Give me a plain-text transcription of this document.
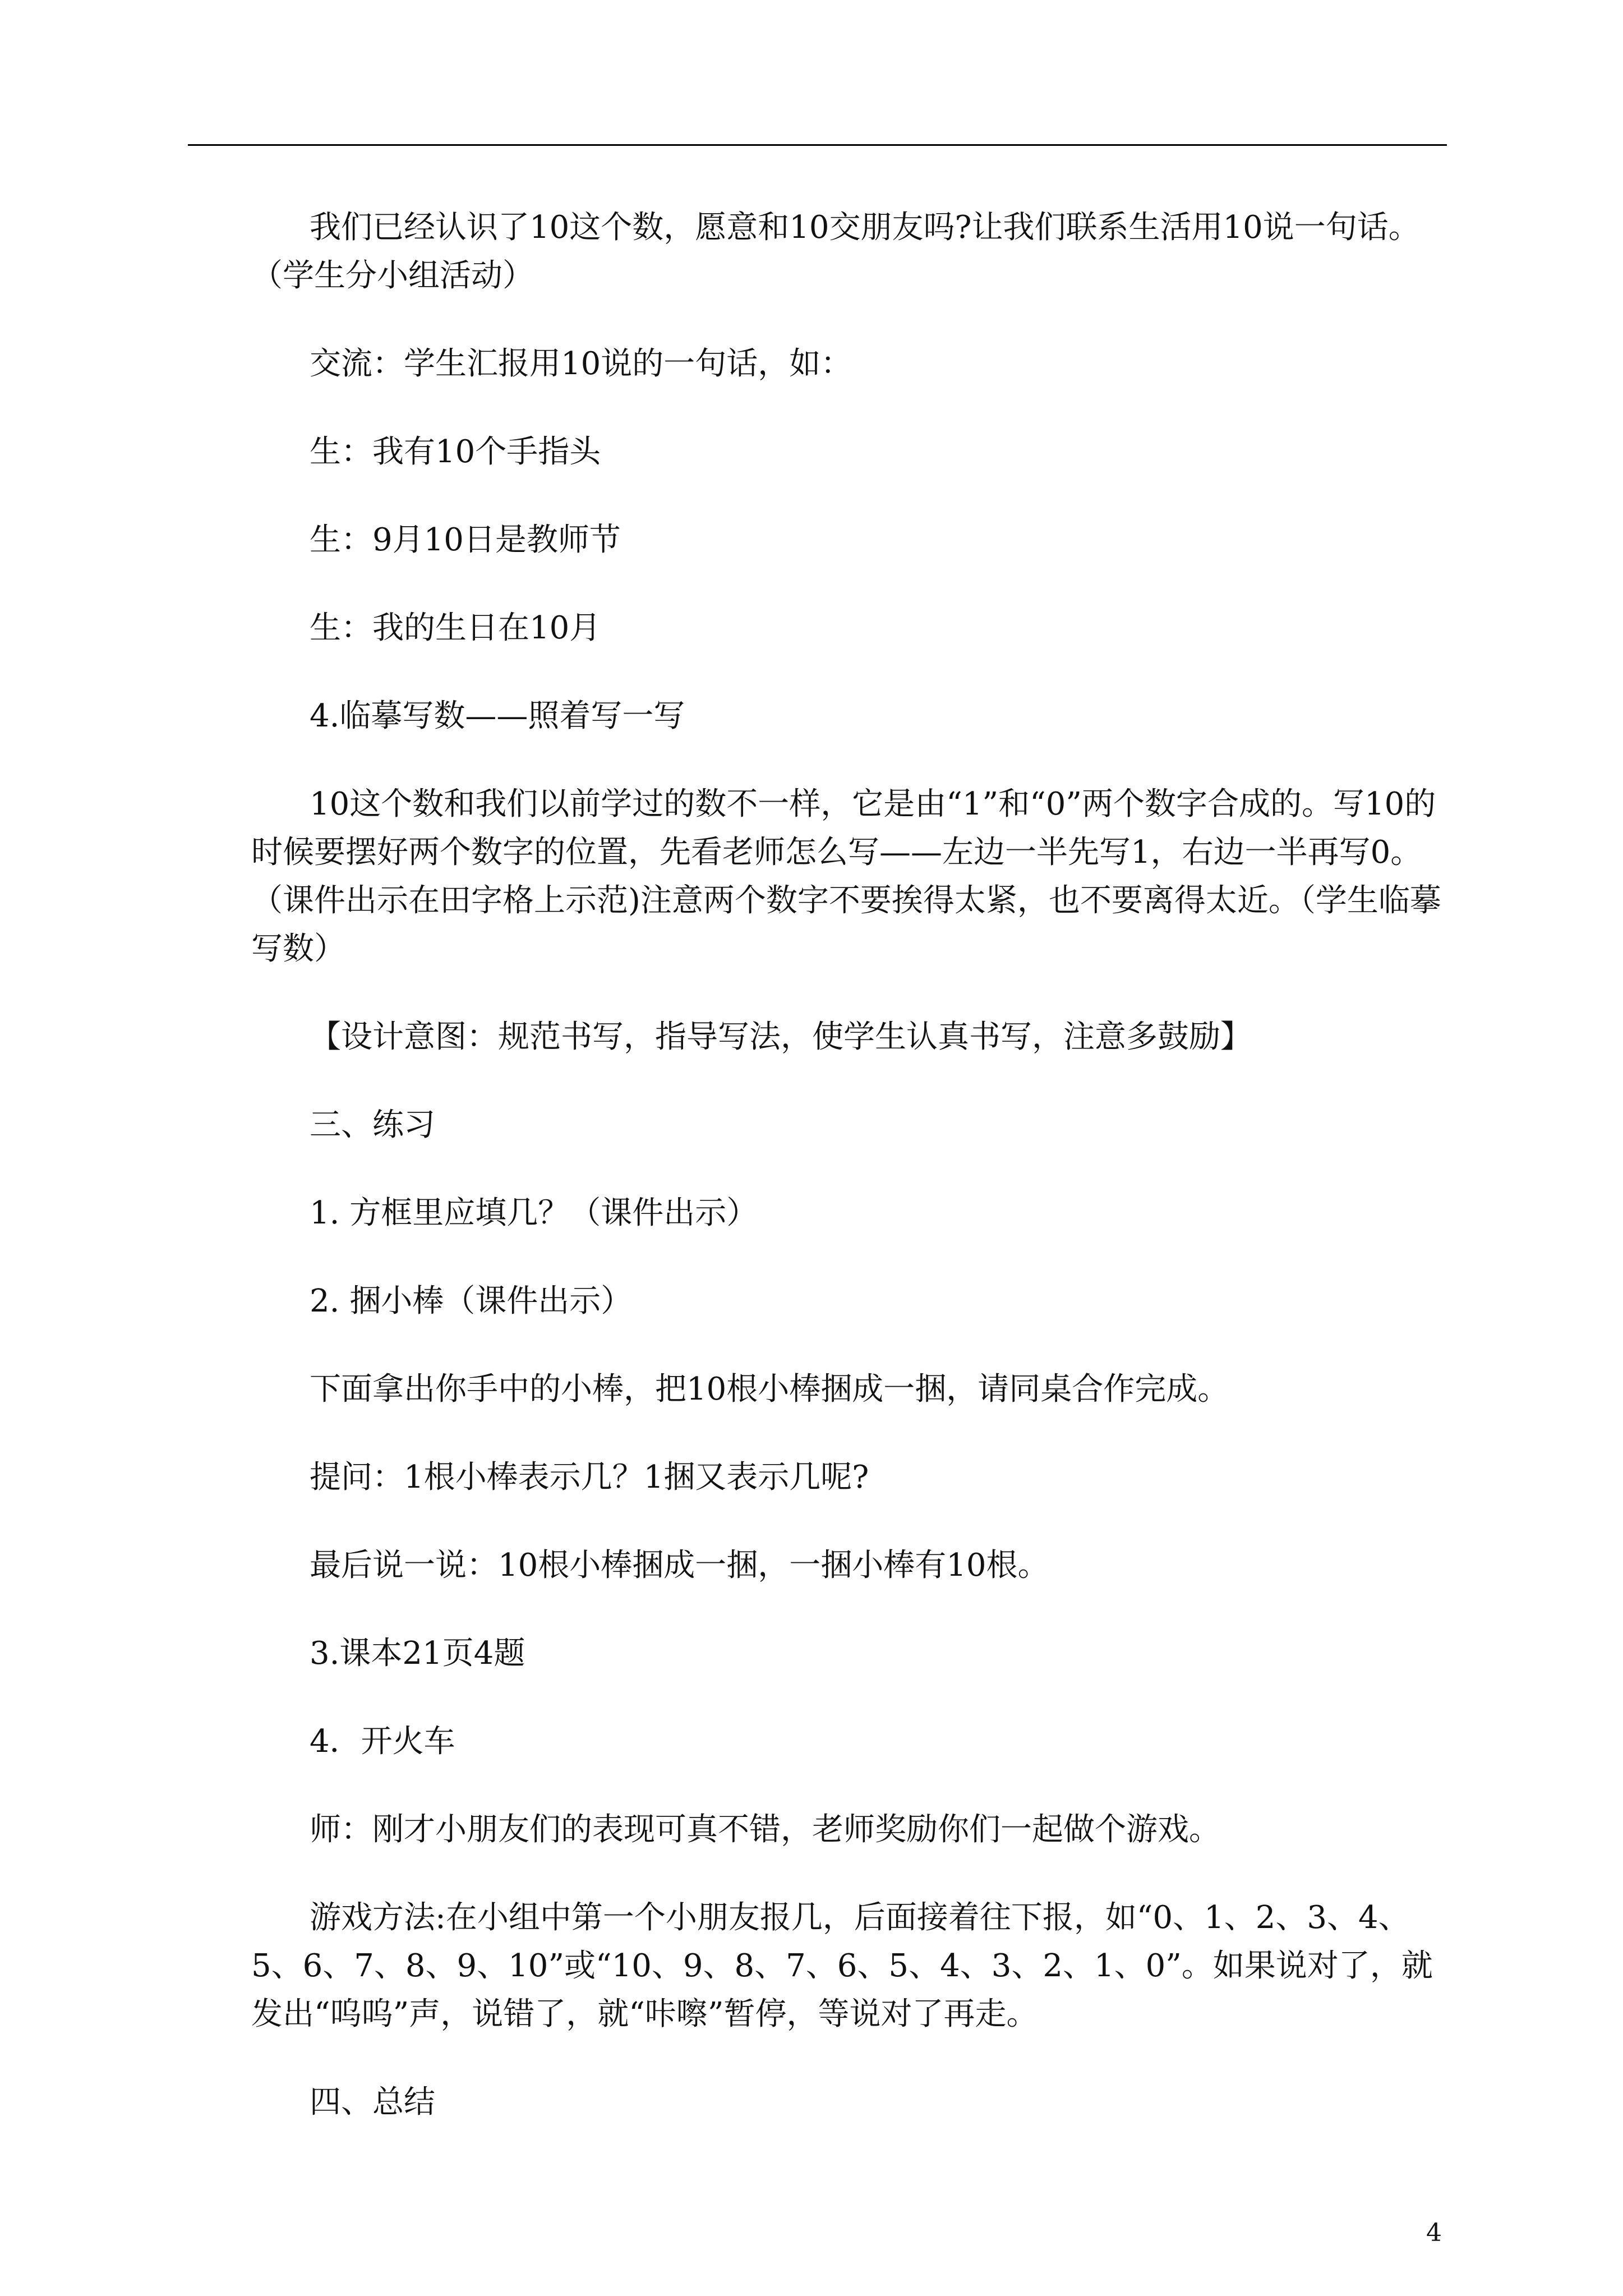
我们已经认识了10这个数，愿意和10交朋友吗?让我们联系生活用10说一句话。（学生分小组活动）

交流：学生汇报用10说的一句话，如：

生：我有10个手指头

生：9月10日是教师节

生：我的生日在10月

4.临摹写数——照着写一写

10这个数和我们以前学过的数不一样，它是由“1”和“0”两个数字合成的。写10的时候要摆好两个数字的位置，先看老师怎么写——左边一半先写1，右边一半再写0。（课件出示在田字格上示范)注意两个数字不要挨得太紧，也不要离得太近。（学生临摹写数）

【设计意图：规范书写，指导写法，使学生认真书写，注意多鼓励】

三、练习

1. 方框里应填几？（课件出示）

2. 捆小棒（课件出示）

下面拿出你手中的小棒，把10根小棒捆成一捆，请同桌合作完成。

提问：1根小棒表示几？1捆又表示几呢?

最后说一说：10根小棒捆成一捆，一捆小棒有10根。

3.课本21页4题

4．开火车

师：刚才小朋友们的表现可真不错，老师奖励你们一起做个游戏。

游戏方法:在小组中第一个小朋友报几，后面接着往下报，如“0、1、2、3、4、5、6、7、8、9、10”或“10、9、8、7、6、5、4、3、2、1、0”。如果说对了，就发出“呜呜”声，说错了，就“咔嚓”暂停，等说对了再走。

四、总结

4
